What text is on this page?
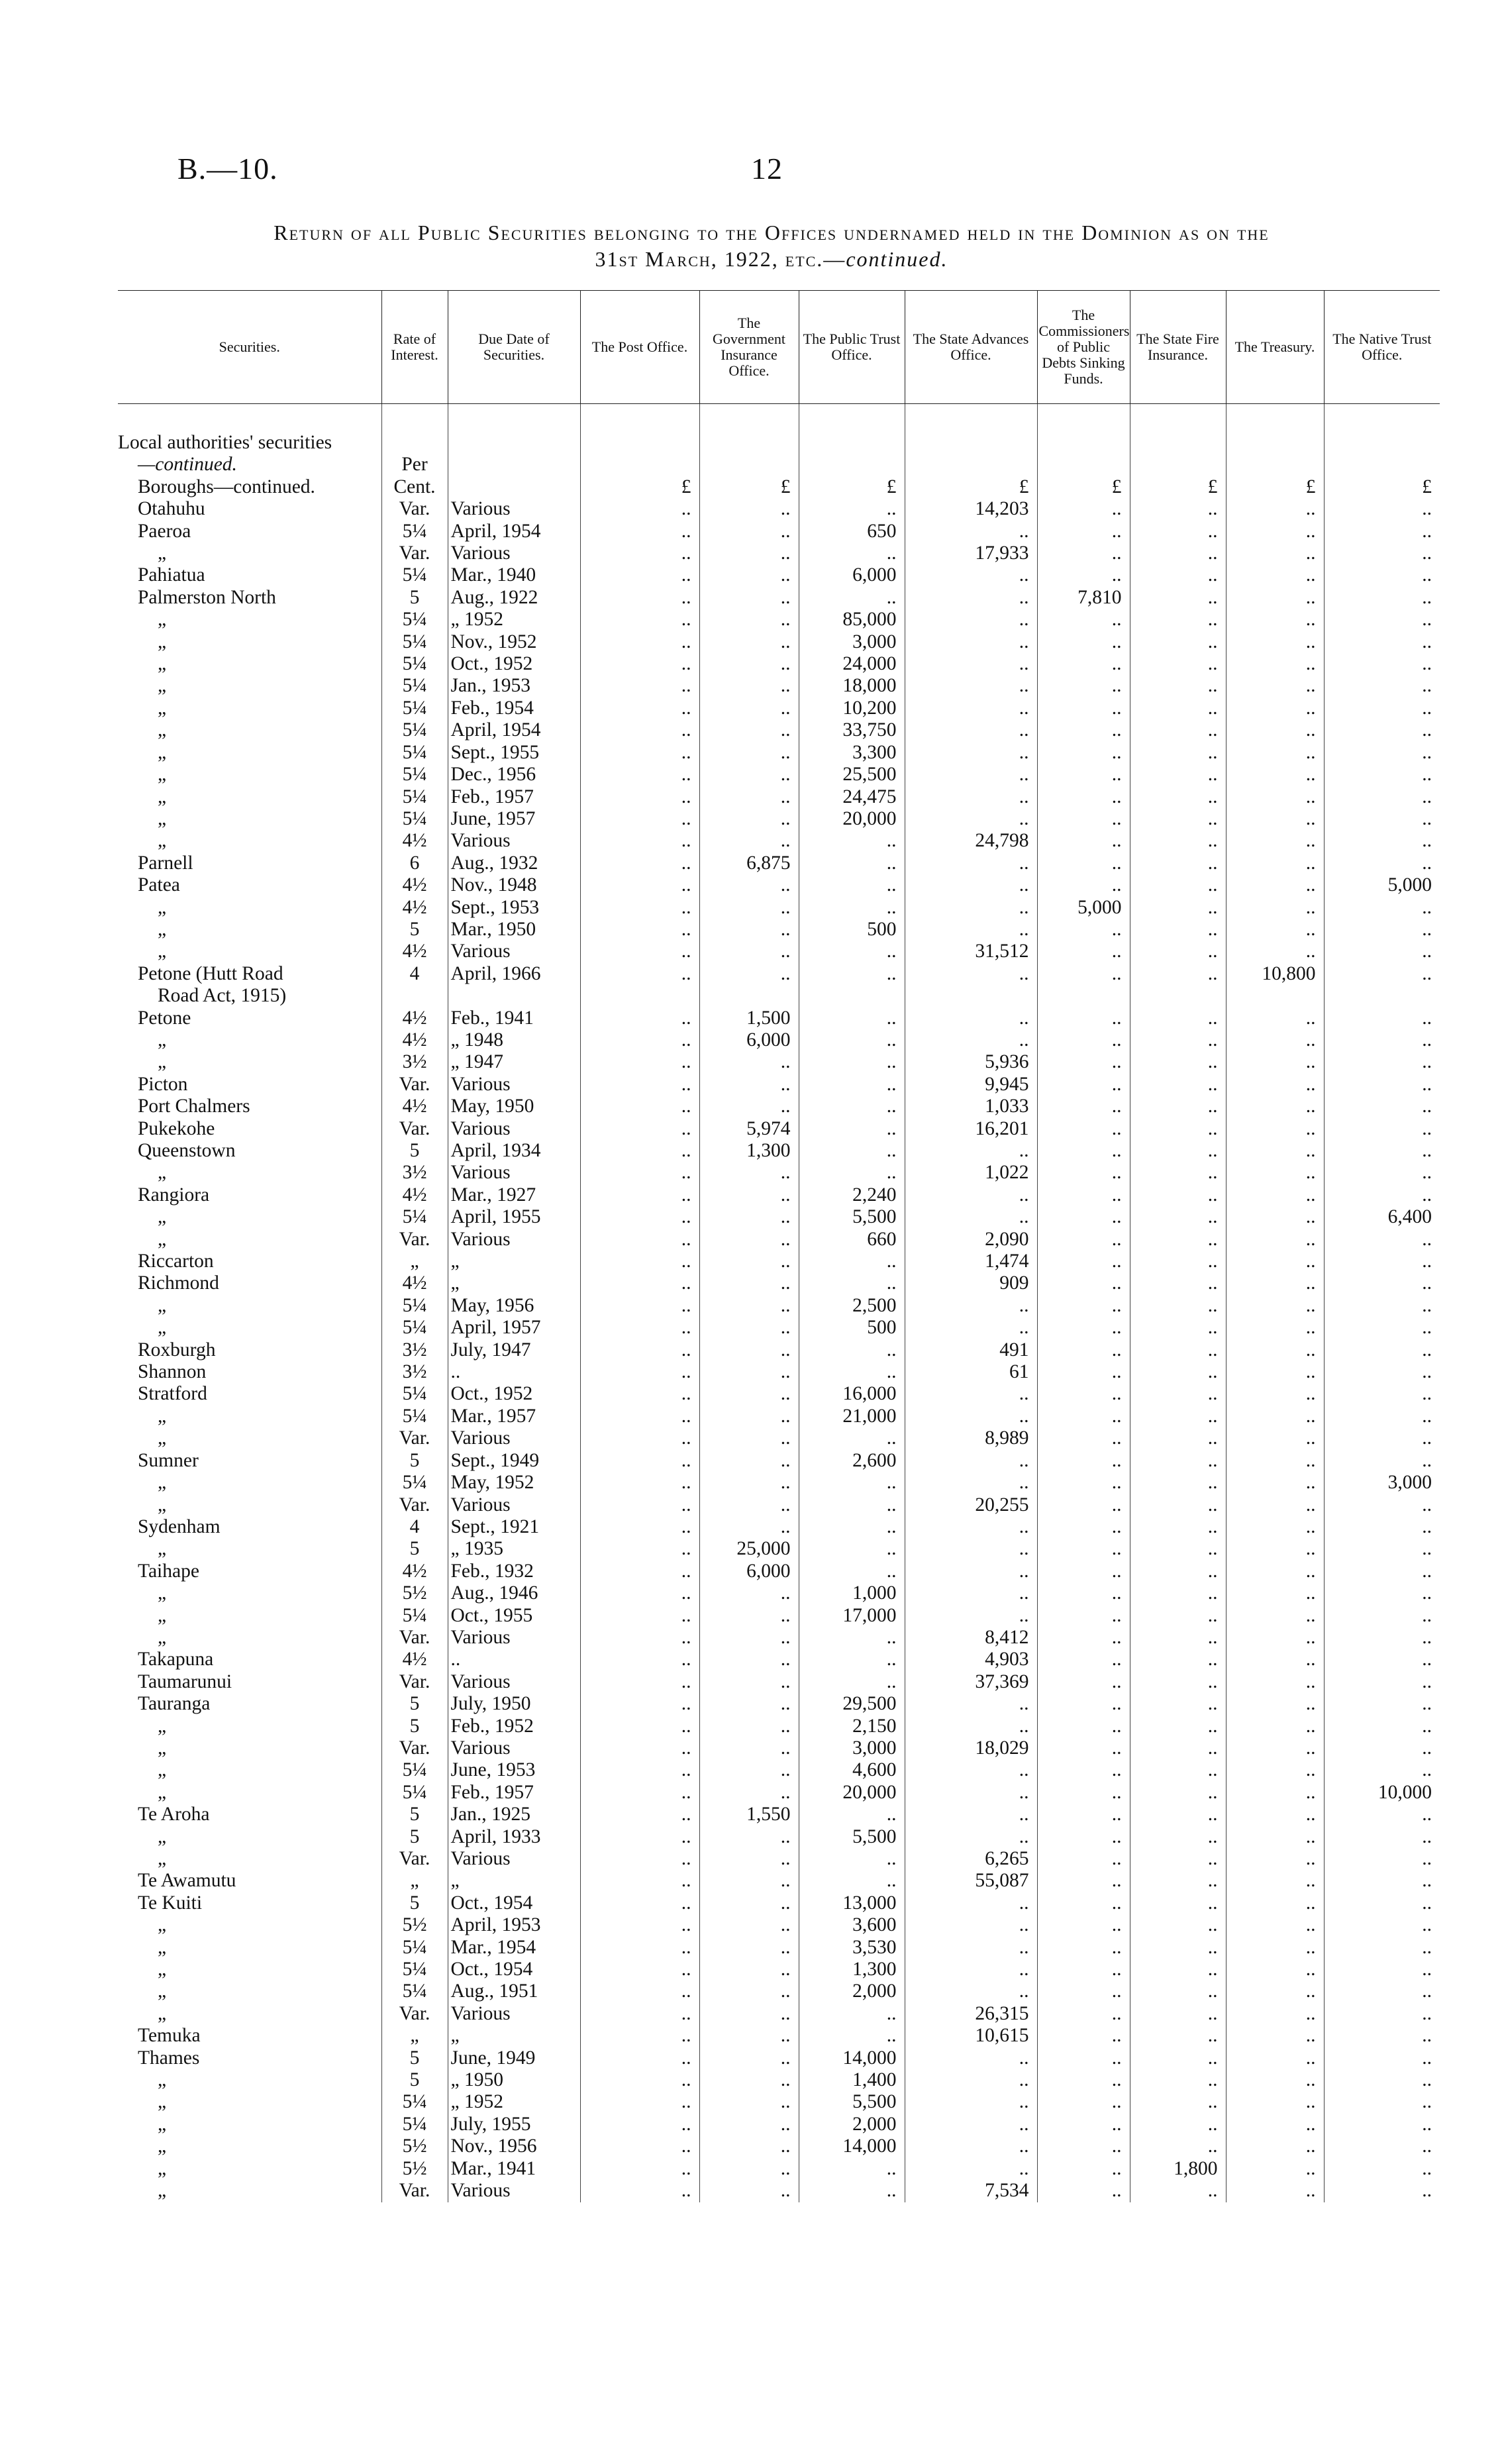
B.—10.	12
Return of all Public Securities belonging to the Offices undernamed held in the Dominion as on the
31st March, 1922, etc.—continued.
Securities.	Rate of Interest.	Due Date of Securities.	The Post Office.	The Government Insurance Office.	The Public Trust Office.	The State Advances Office.	The Commissioners of Public Debts Sinking Funds.	The State Fire Insurance.	The Treasury.	The Native Trust Office.

Local authorities' securities										
—continued.	Per									
Boroughs—continued.	Cent.		£	£	£	£	£	£	£	£
Otahuhu	Var.	Various	..	..	..	14,203	..	..	..	..
Paeroa	5¼	April, 1954	..	..	650	..	..	..	..	..
„	Var.	Various	..	..	..	17,933	..	..	..	..
Pahiatua	5¼	Mar., 1940	..	..	6,000	..	..	..	..	..
Palmerston North	5	Aug., 1922	..	..	..	..	7,810	..	..	..
„	5¼	„ 1952	..	..	85,000	..	..	..	..	..
„	5¼	Nov., 1952	..	..	3,000	..	..	..	..	..
„	5¼	Oct., 1952	..	..	24,000	..	..	..	..	..
„	5¼	Jan., 1953	..	..	18,000	..	..	..	..	..
„	5¼	Feb., 1954	..	..	10,200	..	..	..	..	..
„	5¼	April, 1954	..	..	33,750	..	..	..	..	..
„	5¼	Sept., 1955	..	..	3,300	..	..	..	..	..
„	5¼	Dec., 1956	..	..	25,500	..	..	..	..	..
„	5¼	Feb., 1957	..	..	24,475	..	..	..	..	..
„	5¼	June, 1957	..	..	20,000	..	..	..	..	..
„	4½	Various	..	..	..	24,798	..	..	..	..
Parnell	6	Aug., 1932	..	6,875	..	..	..	..	..	..
Patea	4½	Nov., 1948	..	..	..	..	..	..	..	5,000
„	4½	Sept., 1953	..	..	..	..	5,000	..	..	..
„	5	Mar., 1950	..	..	500	..	..	..	..	..
„	4½	Various	..	..	..	31,512	..	..	..	..
Petone (Hutt Road	4	April, 1966	..	..	..	..	..	..	10,800	..
Road Act, 1915)										
Petone	4½	Feb., 1941	..	1,500	..	..	..	..	..	..
„	4½	„ 1948	..	6,000	..	..	..	..	..	..
„	3½	„ 1947	..	..	..	5,936	..	..	..	..
Picton	Var.	Various	..	..	..	9,945	..	..	..	..
Port Chalmers	4½	May, 1950	..	..	..	1,033	..	..	..	..
Pukekohe	Var.	Various	..	5,974	..	16,201	..	..	..	..
Queenstown	5	April, 1934	..	1,300	..	..	..	..	..	..
„	3½	Various	..	..	..	1,022	..	..	..	..
Rangiora	4½	Mar., 1927	..	..	2,240	..	..	..	..	..
„	5¼	April, 1955	..	..	5,500	..	..	..	..	6,400
„	Var.	Various	..	..	660	2,090	..	..	..	..
Riccarton	„	„	..	..	..	1,474	..	..	..	..
Richmond	4½	„	..	..	..	909	..	..	..	..
„	5¼	May, 1956	..	..	2,500	..	..	..	..	..
„	5¼	April, 1957	..	..	500	..	..	..	..	..
Roxburgh	3½	July, 1947	..	..	..	491	..	..	..	..
Shannon	3½	..	..	..	..	61	..	..	..	..
Stratford	5¼	Oct., 1952	..	..	16,000	..	..	..	..	..
„	5¼	Mar., 1957	..	..	21,000	..	..	..	..	..
„	Var.	Various	..	..	..	8,989	..	..	..	..
Sumner	5	Sept., 1949	..	..	2,600	..	..	..	..	..
„	5¼	May, 1952	..	..	..	..	..	..	..	3,000
„	Var.	Various	..	..	..	20,255	..	..	..	..
Sydenham	4	Sept., 1921	..	..	..	..	..	..	..	..
„	5	„ 1935	..	25,000	..	..	..	..	..	..
Taihape	4½	Feb., 1932	..	6,000	..	..	..	..	..	..
„	5½	Aug., 1946	..	..	1,000	..	..	..	..	..
„	5¼	Oct., 1955	..	..	17,000	..	..	..	..	..
„	Var.	Various	..	..	..	8,412	..	..	..	..
Takapuna	4½	..	..	..	..	4,903	..	..	..	..
Taumarunui	Var.	Various	..	..	..	37,369	..	..	..	..
Tauranga	5	July, 1950	..	..	29,500	..	..	..	..	..
„	5	Feb., 1952	..	..	2,150	..	..	..	..	..
„	Var.	Various	..	..	3,000	18,029	..	..	..	..
„	5¼	June, 1953	..	..	4,600	..	..	..	..	..
„	5¼	Feb., 1957	..	..	20,000	..	..	..	..	10,000
Te Aroha	5	Jan., 1925	..	1,550	..	..	..	..	..	..
„	5	April, 1933	..	..	5,500	..	..	..	..	..
„	Var.	Various	..	..	..	6,265	..	..	..	..
Te Awamutu	„	„	..	..	..	55,087	..	..	..	..
Te Kuiti	5	Oct., 1954	..	..	13,000	..	..	..	..	..
„	5½	April, 1953	..	..	3,600	..	..	..	..	..
„	5¼	Mar., 1954	..	..	3,530	..	..	..	..	..
„	5¼	Oct., 1954	..	..	1,300	..	..	..	..	..
„	5¼	Aug., 1951	..	..	2,000	..	..	..	..	..
„	Var.	Various	..	..	..	26,315	..	..	..	..
Temuka	„	„	..	..	..	10,615	..	..	..	..
Thames	5	June, 1949	..	..	14,000	..	..	..	..	..
„	5	„ 1950	..	..	1,400	..	..	..	..	..
„	5¼	„ 1952	..	..	5,500	..	..	..	..	..
„	5¼	July, 1955	..	..	2,000	..	..	..	..	..
„	5½	Nov., 1956	..	..	14,000	..	..	..	..	..
„	5½	Mar., 1941	..	..	..	..	..	1,800	..	..
„	Var.	Various	..	..	..	7,534	..	..	..	..
